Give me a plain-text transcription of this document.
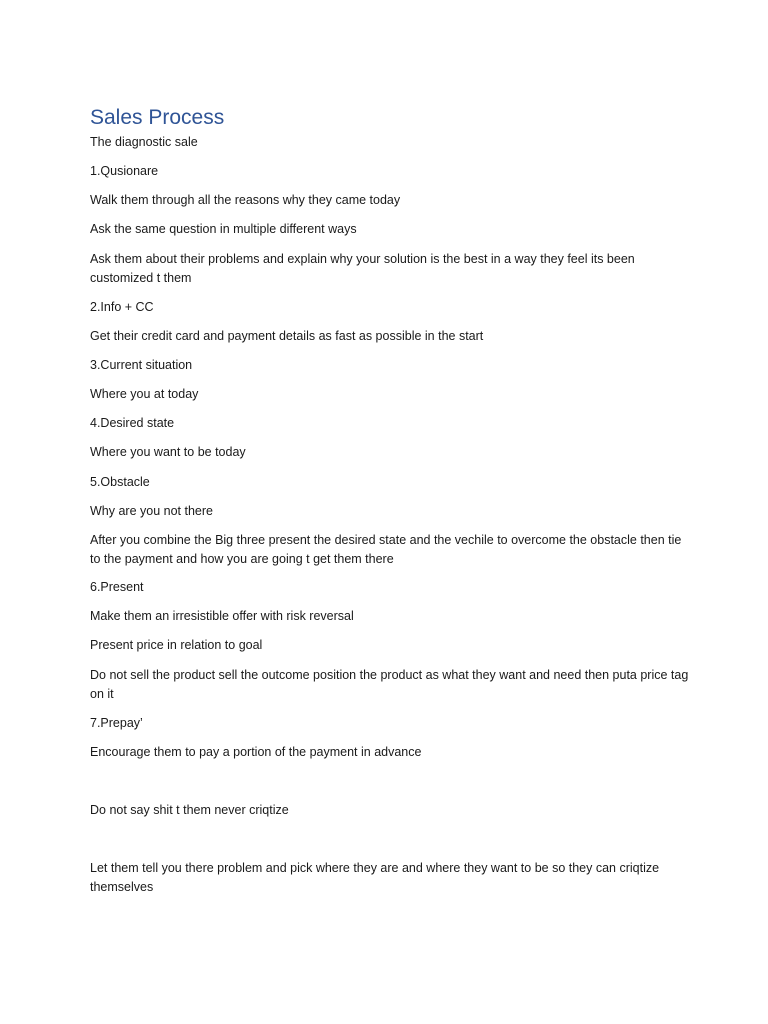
Sales Process

The diagnostic sale

1.Qusionare

Walk them through all the reasons why they came today

Ask the same question in multiple different ways

Ask them about their problems and explain why your solution is the best in a way they feel its been customized t them

2.Info + CC

Get their credit card and payment details as fast as possible in the start

3.Current situation

Where you at today

4.Desired state

Where you want to be today

5.Obstacle

Why are you not there

After you combine the Big three present the desired state and the vechile to overcome the obstacle then tie to the payment and how you are going t get them there

6.Present

Make them an irresistible offer with risk reversal

Present price in relation to goal

Do not sell the product sell the outcome position the product as what they want and need then puta price tag on it

7.Prepay’

Encourage them to pay a portion of the payment in advance

Do not say shit t them never criqtize

Let them tell you there problem and pick where they are and where they want to be so they can criqtize themselves
